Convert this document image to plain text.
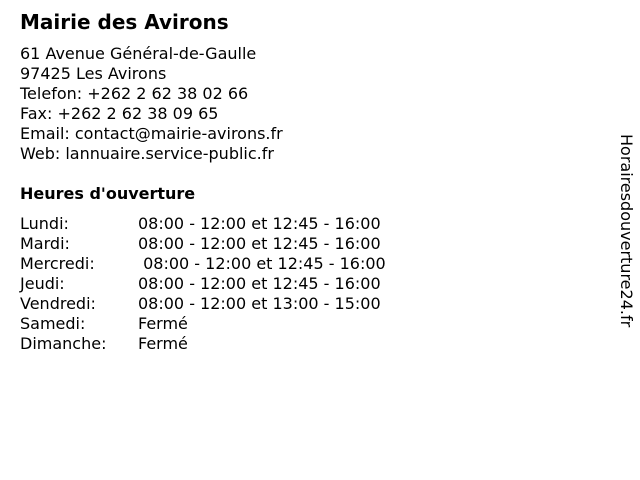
Mairie des Avirons
61 Avenue Général-de-Gaulle
97425 Les Avirons
Telefon: +262 2 62 38 02 66
Fax: +262 2 62 38 09 65
Email: contact@mairie-avirons.fr
Web: lannuaire.service-public.fr
Heures d'ouverture
Lundi:	08:00 - 12:00 et 12:45 - 16:00
Mardi:	08:00 - 12:00 et 12:45 - 16:00
Mercredi:	08:00 - 12:00 et 12:45 - 16:00
Jeudi:	08:00 - 12:00 et 12:45 - 16:00
Vendredi:	08:00 - 12:00 et 13:00 - 15:00
Samedi:	Fermé
Dimanche: Fermé
Horairesdouverture24.fr
